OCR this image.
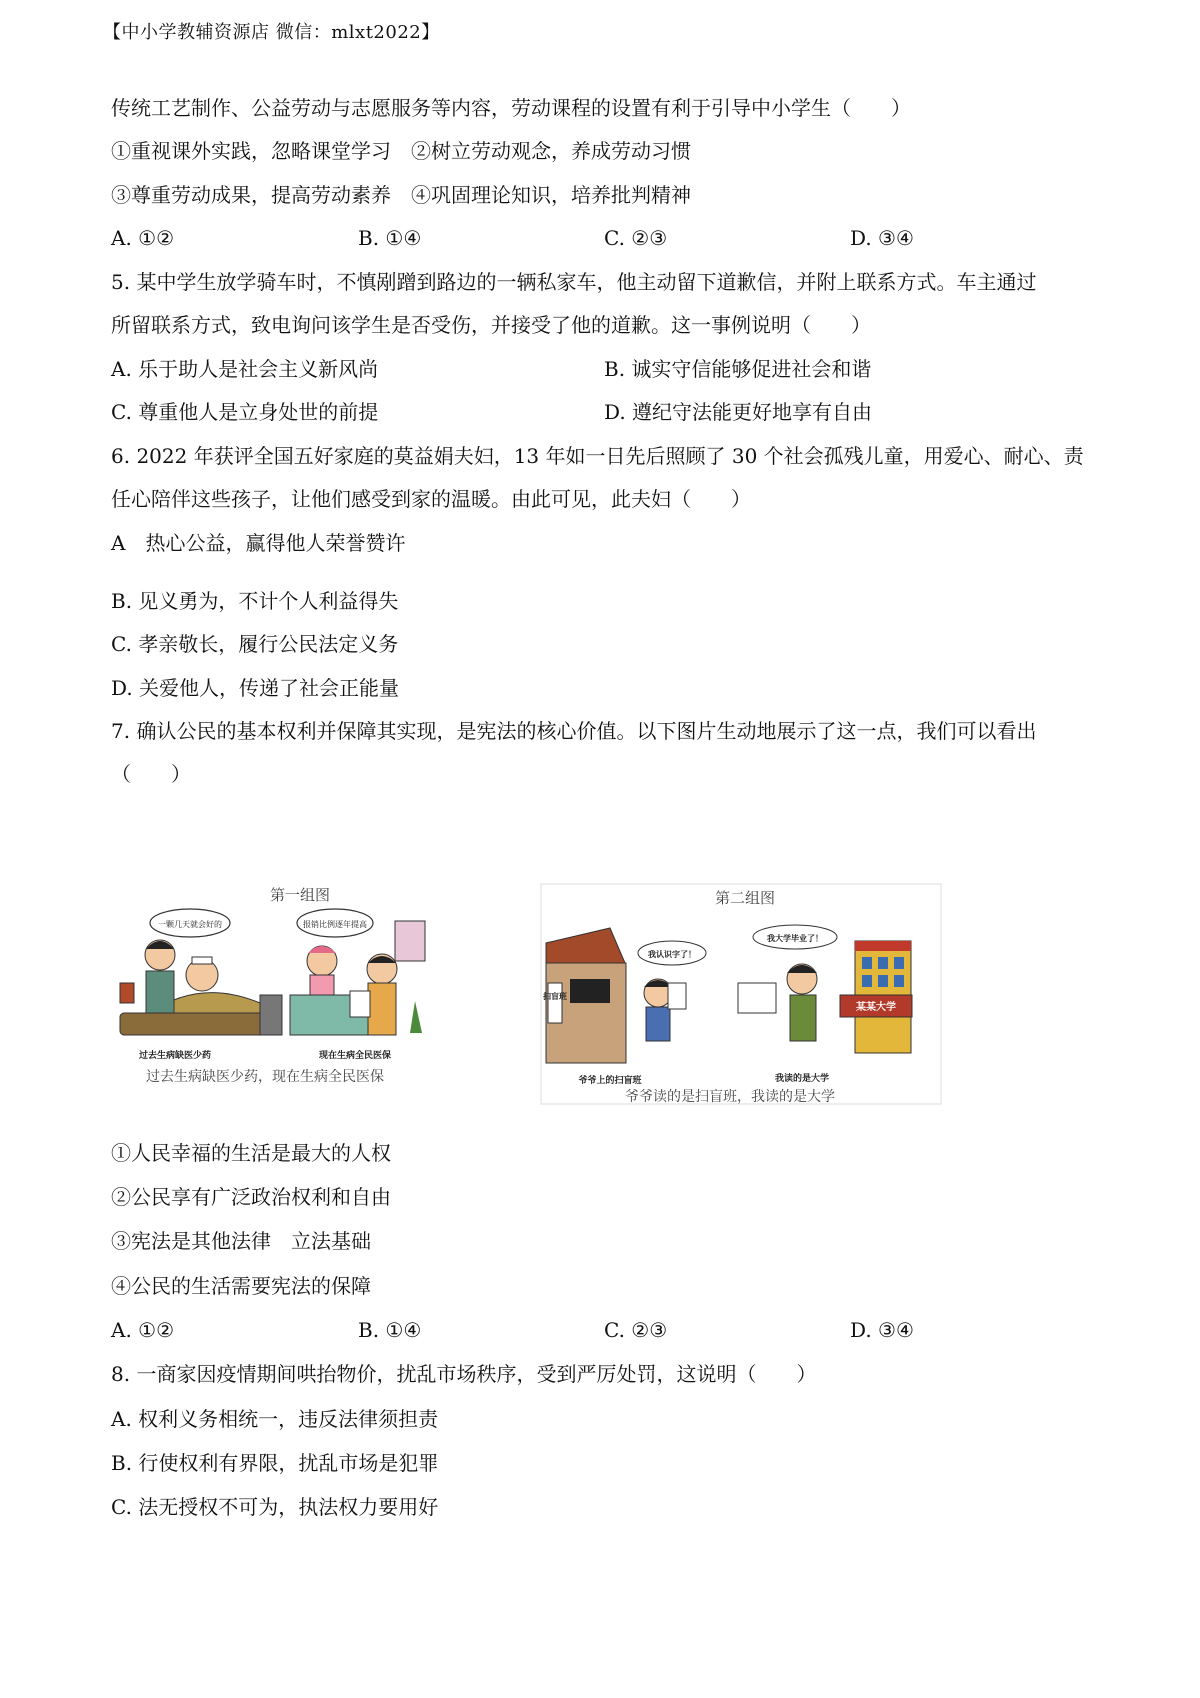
【中小学教辅资源店 微信：mlxt2022】
传统工艺制作、公益劳动与志愿服务等内容，劳动课程的设置有利于引导中小学生（　　）
①重视课外实践，忽略课堂学习　②树立劳动观念，养成劳动习惯
③尊重劳动成果，提高劳动素养　④巩固理论知识，培养批判精神
A. ①②	B. ①④	C. ②③	D. ③④
5. 某中学生放学骑车时，不慎剐蹭到路边的一辆私家车，他主动留下道歉信，并附上联系方式。车主通过
所留联系方式，致电询问该学生是否受伤，并接受了他的道歉。这一事例说明（　　）
A. 乐于助人是社会主义新风尚	B. 诚实守信能够促进社会和谐
C. 尊重他人是立身处世的前提	D. 遵纪守法能更好地享有自由
6. 2022 年获评全国五好家庭的莫益娟夫妇，13 年如一日先后照顾了 30 个社会孤残儿童，用爱心、耐心、责
任心陪伴这些孩子，让他们感受到家的温暖。由此可见，此夫妇（　　）
A　热心公益，赢得他人荣誉赞许
B. 见义勇为，不计个人利益得失
C. 孝亲敬长，履行公民法定义务
D. 关爱他人，传递了社会正能量
7. 确认公民的基本权利并保障其实现，是宪法的核心价值。以下图片生动地展示了这一点，我们可以看出
（　　）
第一组图
一颗几天就会好的
过去生病缺医少药
报销比例逐年提高
现在生病全民医保
过去生病缺医少药，现在生病全民医保
第二组图
扫盲班
我认识字了！
爷爷上的扫盲班
我大学毕业了！
某某大学
我读的是大学
爷爷读的是扫盲班，我读的是大学
①人民幸福的生活是最大的人权
②公民享有广泛政治权利和自由
③宪法是其他法律　立法基础
④公民的生活需要宪法的保障
A. ①②	B. ①④	C. ②③	D. ③④
8. 一商家因疫情期间哄抬物价，扰乱市场秩序，受到严厉处罚，这说明（　　）
A. 权利义务相统一，违反法律须担责
B. 行使权利有界限，扰乱市场是犯罪
C. 法无授权不可为，执法权力要用好
